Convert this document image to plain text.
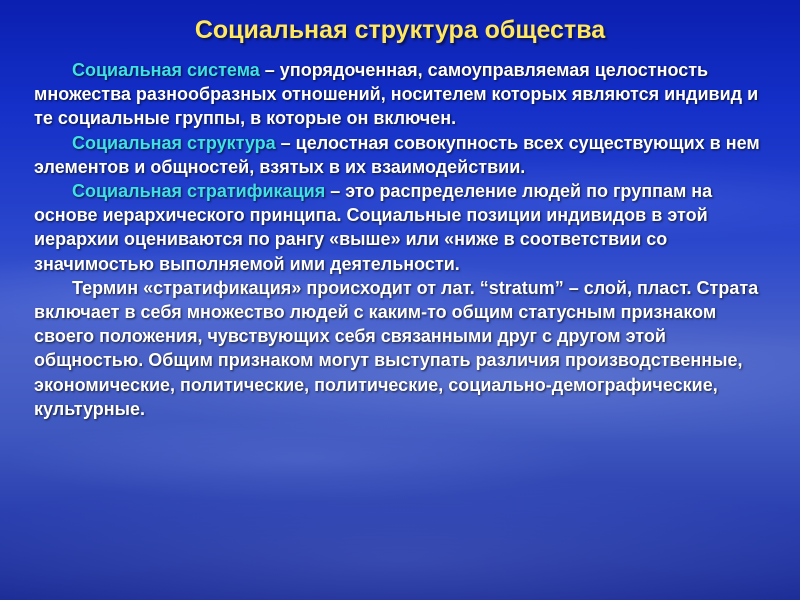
Социальная структура общества

Социальная система – упорядоченная, самоуправляемая целостность множества разнообразных отношений, носителем которых являются индивид и те социальные группы, в которые он включен.

Социальная структура – целостная совокупность всех существующих в нем элементов и общностей, взятых в их взаимодействии.

Социальная стратификация – это распределение людей по группам на основе иерархического принципа. Социальные позиции индивидов в этой иерархии оцениваются по рангу «выше» или «ниже в соответствии со значимостью выполняемой ими деятельности.

Термин «стратификация» происходит от лат. “stratum” – слой, пласт. Страта включает в себя множество людей с каким-то общим статусным признаком своего положения, чувствующих себя связанными друг с другом этой общностью. Общим признаком могут выступать различия производственные, экономические, политические, политические, социально-демографические, культурные.
